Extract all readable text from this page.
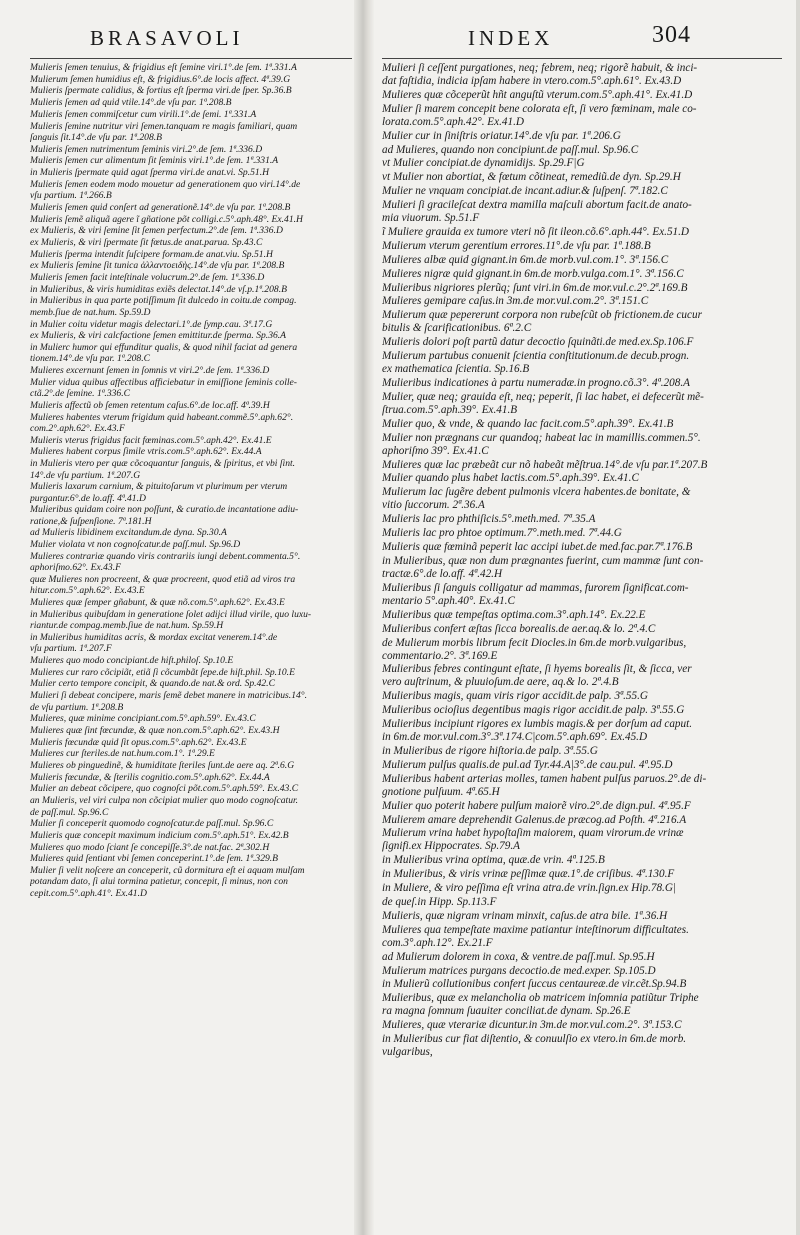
BRASAVOLI	INDEX	304
Mulieris ſemen tenuius, & frigidius eſt ſemine viri.1°.de ſem. 1ª.331.A
Mulierum ſemen humidius eſt, & frigidius.6°.de locis affect. 4ª.39.G
Mulieris ſpermate calidius, & fortius eſt ſperma viri.de ſper. Sp.36.B
Mulieris ſemen ad quid vtile.14°.de vſu par. 1ª.208.B
Mulieris ſemen commiſcetur cum virili.1°.de ſemi. 1ª.331.A
Mulieris ſemine nutritur viri ſemen.tanquam re magis familiari, quam
ſanguis ſit.14°.de vſu par. 1ª.208.B
Mulieris ſemen nutrimentum ſeminis viri.2°.de ſem. 1ª.336.D
Mulieris ſemen cur alimentum ſit ſeminis viri.1°.de ſem. 1ª.331.A
in Mulieris ſpermate quid agat ſperma viri.de anat.vi. Sp.51.H
Mulieris ſemen eodem modo mouetur ad generationem quo viri.14°.de
vſu partium. 1ª.266.B
Mulieris ſemen quid conſert ad generationẽ.14°.de vſu par. 1ª.208.B
Mulieris ſemẽ aliquã agere ĩ gñatione põt colligi.c.5°.aph.48°. Ex.41.H
ex Mulieris, & viri ſemine ſit ſemen perfectum.2°.de ſem. 1ª.336.D
ex Mulieris, & viri ſpermate ſit fœtus.de anat.parua. Sp.43.C
Mulieris ſperma intendit ſuſcipere formam.de anat.viu. Sp.51.H
ex Mulieris ſemine ſit tunica ἀλλαντοειδὴς.14°.de vſu par. 1ª.208.B
Mulieris ſemen facit inteſtinale volucrum.2°.de ſem. 1ª.336.D
in Mulieribus, & viris humiditas exiẽs delectat.14°.de vſ.p.1ª.208.B
in Mulieribus in qua parte potiſſimum ſit dulcedo in coitu.de compag.
memb.ſiue de nat.hum. Sp.59.D
in Mulier coitu videtur magis delectari.1°.de ſymp.cau. 3ª.17.G
ex Mulieris, & viri calcfactione ſemen emittitur.de ſperma. Sp.36.A
in Mulierc humor qui effunditur qualis, & quod nihil faciat ad genera
tionem.14°.de vſu par. 1ª.208.C
Mulieres excernunt ſemen in ſomnis vt viri.2°.de ſem. 1ª.336.D
Mulier vidua quibus affectibus afficiebatur in emiſſione ſeminis colle-
ctã.2°.de ſemine. 1ª.336.C
Mulieris affectũ ob ſemen retentum caſus.6°.de loc.aff. 4ª.39.H
Mulieres habentes vterum frigidum quid habeant.commẽ.5°.aph.62°.
com.2°.aph.62°. Ex.43.F
Mulieris vterus frigidus facit fœminas.com.5°.aph.42°. Ex.41.E
Mulieres habent corpus ſimile vtris.com.5°.aph.62°. Ex.44.A
in Mulieris vtero per quæ cõcoquantur ſanguis, & ſpiritus, et vbi ſint.
14°.de vſu partium. 1ª.207.G
Mulieris laxarum carnium, & pituitoſarum vt plurimum per vterum
purgantur.6°.de lo.aff. 4ª.41.D
Mulieribus quidam coire non poſſunt, & curatio.de incantatione adiu-
ratione,& ſuſpenſione. 7ª.181.H
ad Mulieris libidinem excitandum.de dyna. Sp.30.A
Mulier violata vt non cognoſcatur.de paſſ.mul. Sp.96.D
Mulieres contrariæ quando viris contrariis iungi debent.commenta.5°.
aphoriſmo.62°. Ex.43.F
quæ Mulieres non procreent, & quæ procreent, quod etiã ad viros tra
hitur.com.5°.aph.62°. Ex.43.E
Mulieres quæ ſemper gñabunt, & quæ nõ.com.5°.aph.62°. Ex.43.E
in Mulieribus quibuſdam in generatione ſolet adijci illud virile, quo luxu-
riantur.de compag.memb.ſiue de nat.hum. Sp.59.H
in Mulieribus humiditas acris, & mordax excitat venerem.14°.de
vſu partium. 1ª.207.F
Mulieres quo modo concipiant.de hiſt.philoſ. Sp.10.E
Mulieres cur raro cõcipiãt, etiã ſi cõcumbãt ſepe.de hiſt.phil. Sp.10.E
Mulier certo tempore concipit, & quando.de nat.& ord. Sp.42.C
Mulieri ſi debeat concipere, maris ſemẽ debet manere in matricibus.14°.
de vſu partium. 1ª.208.B
Mulieres, quæ minime concipiant.com.5°.aph.59°. Ex.43.C
Mulieres quæ ſint fœcundæ, & quæ non.com.5°.aph.62°. Ex.43.H
Mulieris fœcundæ quid ſit opus.com.5°.aph.62°. Ex.43.E
Mulieres cur ſteriles.de nat.hum.com.1°. 1ª.29.E
Mulieres ob pinguedinẽ, & humiditate ſteriles ſunt.de aere aq. 2ª.6.G
Mulieris fœcundæ, & ſterilis cognitio.com.5°.aph.62°. Ex.44.A
Mulier an debeat cõcipere, quo cognoſci põt.com.5°.aph.59°. Ex.43.C
an Mulieris, vel viri culpa non cõcipiat mulier quo modo cognoſcatur.
de paſſ.mul. Sp.96.C
Mulier ſi conceperit quomodo cognoſcatur.de paſſ.mul. Sp.96.C
Mulieris quæ concepit maximum indicium com.5°.aph.51°. Ex.42.B
Mulieres quo modo ſciant ſe concepiſſe.3°.de nat.fac. 2ª.302.H
Mulieres quid ſentiant vbi ſemen conceperint.1°.de ſem. 1ª.329.B
Mulier ſi velit noſcere an conceperit, cũ dormitura eſt ei aquam mulſam
potandam dato, ſi alui tormina patietur, concepit, ſi minus, non con
cepit.com.5°.aph.41°. Ex.41.D
Mulieri ſi ceſſent purgationes, neq; febrem, neq; rigorẽ habuit, & inci-
dat faſtidia, indicia ipſam habere in vtero.com.5°.aph.61°. Ex.43.D
Mulieres quæ cõceperũt hñt anguſtũ vterum.com.5°.aph.41°. Ex.41.D
Mulier ſi marem concepit bene colorata eſt, ſi vero fœminam, male co-
lorata.com.5°.aph.42°. Ex.41.D
Mulier cur in ſiniſtris oriatur.14°.de vſu par. 1ª.206.G
ad Mulieres, quando non concipiunt.de paſſ.mul. Sp.96.C
vt Mulier concipiat.de dynamidijs. Sp.29.F|G
vt Mulier non abortiat, & fœtum cõtineat, remediũ.de dyn. Sp.29.H
Mulier ne vnquam concipiat.de incant.adiur.& ſuſpenſ. 7ª.182.C
Mulieri ſi gracileſcat dextra mamilla maſculi abortum facit.de anato-
mia viuorum. Sp.51.F
ĩ Muliere grauida ex tumore vteri nõ ſit ileon.cõ.6°.aph.44°. Ex.51.D
Mulierum vterum gerentium errores.11°.de vſu par. 1ª.188.B
Mulieres albæ quid gignant.in 6m.de morb.vul.com.1°. 3ª.156.C
Mulieres nigræ quid gignant.in 6m.de morb.vulga.com.1°. 3ª.156.C
Mulieribus nigriores plerũq; ſunt viri.in 6m.de mor.vul.c.2°.2ª.169.B
Mulieres gemipare caſus.in 3m.de mor.vul.com.2°. 3ª.151.C
Mulierum quæ pepererunt corpora non rubeſcũt ob frictionem.de cucur
bitulis & ſcarificationibus. 6ª.2.C
Mulieris dolori poſt partũ datur decoctio ſquinãti.de med.ex.Sp.106.F
Mulierum partubus conuenit ſcientia conſtitutionum.de decub.progn.
ex mathematica ſcientia. Sp.16.B
Mulieribus indicationes à partu numeradæ.in progno.cõ.3°. 4ª.208.A
Mulier, quæ neq; grauida eſt, neq; peperit, ſi lac habet, ei defecerũt mẽ-
ſtrua.com.5°.aph.39°. Ex.41.B
Mulier quo, & vnde, & quando lac facit.com.5°.aph.39°. Ex.41.B
Mulier non prægnans cur quandoq; habeat lac in mamillis.commen.5°.
aphoriſmo 39°. Ex.41.C
Mulieres quæ lac præbeãt cur nõ habeãt mẽſtrua.14°.de vſu par.1ª.207.B
Mulier quando plus habet lactis.com.5°.aph.39°. Ex.41.C
Mulierum lac ſugẽre debent pulmonis vlcera habentes.de bonitate, &
vitio ſuccorum. 2ª.36.A
Mulieris lac pro phthiſicis.5°.meth.med. 7ª.35.A
Mulieris lac pro phtoe optimum.7°.meth.med. 7ª.44.G
Mulieris quæ fœminã peperit lac accipi iubet.de med.fac.par.7ª.176.B
in Mulieribus, quæ non dum prægnantes fuerint, cum mammæ ſunt con-
tractæ.6°.de lo.aff. 4ª.42.H
Mulieribus ſi ſanguis colligatur ad mammas, furorem ſignificat.com-
mentario 5°.aph.40°. Ex.41.C
Mulieribus quæ tempeſtas optima.com.3°.aph.14°. Ex.22.E
Mulieribus confert æſtas ſicca borealis.de aer.aq.& lo. 2ª.4.C
de Mulierum morbis librum fecit Diocles.in 6m.de morb.vulgaribus,
commentario.2°. 3ª.169.E
Mulieribus febres contingunt eſtate, ſi hyems borealis ſit, & ſicca, ver
vero auſtrinum, & pluuioſum.de aere, aq.& lo. 2ª.4.B
Mulieribus magis, quam viris rigor accidit.de palp. 3ª.55.G
Mulieribus ocioſius degentibus magis rigor accidit.de palp. 3ª.55.G
Mulieribus incipiunt rigores ex lumbis magis.& per dorſum ad caput.
in 6m.de mor.vul.com.3°.3ª.174.C|com.5°.aph.69°. Ex.45.D
in Mulieribus de rigore hiſtoria.de palp. 3ª.55.G
Mulierum pulſus qualis.de pul.ad Tyr.44.A|3°.de cau.pul. 4ª.95.D
Mulieribus habent arterias molles, tamen habent pulſus paruos.2°.de di-
gnotione pulſuum. 4ª.65.H
Mulier quo poterit habere pulſum maiorẽ viro.2°.de dign.pul. 4ª.95.F
Mulierem amare deprehendit Galenus.de præcog.ad Poſth. 4ª.216.A
Mulierum vrina habet hypoſtaſim maiorem, quam virorum.de vrinæ
ſignifi.ex Hippocrates. Sp.79.A
in Mulieribus vrina optima, quæ.de vrin. 4ª.125.B
in Mulieribus, & viris vrinæ peſſimæ quæ.1°.de criſibus. 4ª.130.F
in Muliere, & viro peſſima eſt vrina atra.de vrin.ſign.ex Hip.78.G|
de queſ.in Hipp. Sp.113.F
Mulieris, quæ nigram vrinam minxit, caſus.de atra bile. 1ª.36.H
Mulieres qua tempeſtate maxime patiantur inteſtinorum difficultates.
com.3°.aph.12°. Ex.21.F
ad Mulierum dolorem in coxa, & ventre.de paſſ.mul. Sp.95.H
Mulierum matrices purgans decoctio.de med.exper. Sp.105.D
in Mulierũ collutionibus confert ſuccus centaureæ.de vir.cẽt.Sp.94.B
Mulieribus, quæ ex melancholia ob matricem inſomnia patiũtur Triphe
ra magna ſomnum ſuauiter conciliat.de dynam. Sp.26.E
Mulieres, quæ vterariæ dicuntur.in 3m.de mor.vul.com.2°. 3ª.153.C
in Mulieribus cur fiat diſtentio, & conuulſio ex vtero.in 6m.de morb.
vulgaribus,
